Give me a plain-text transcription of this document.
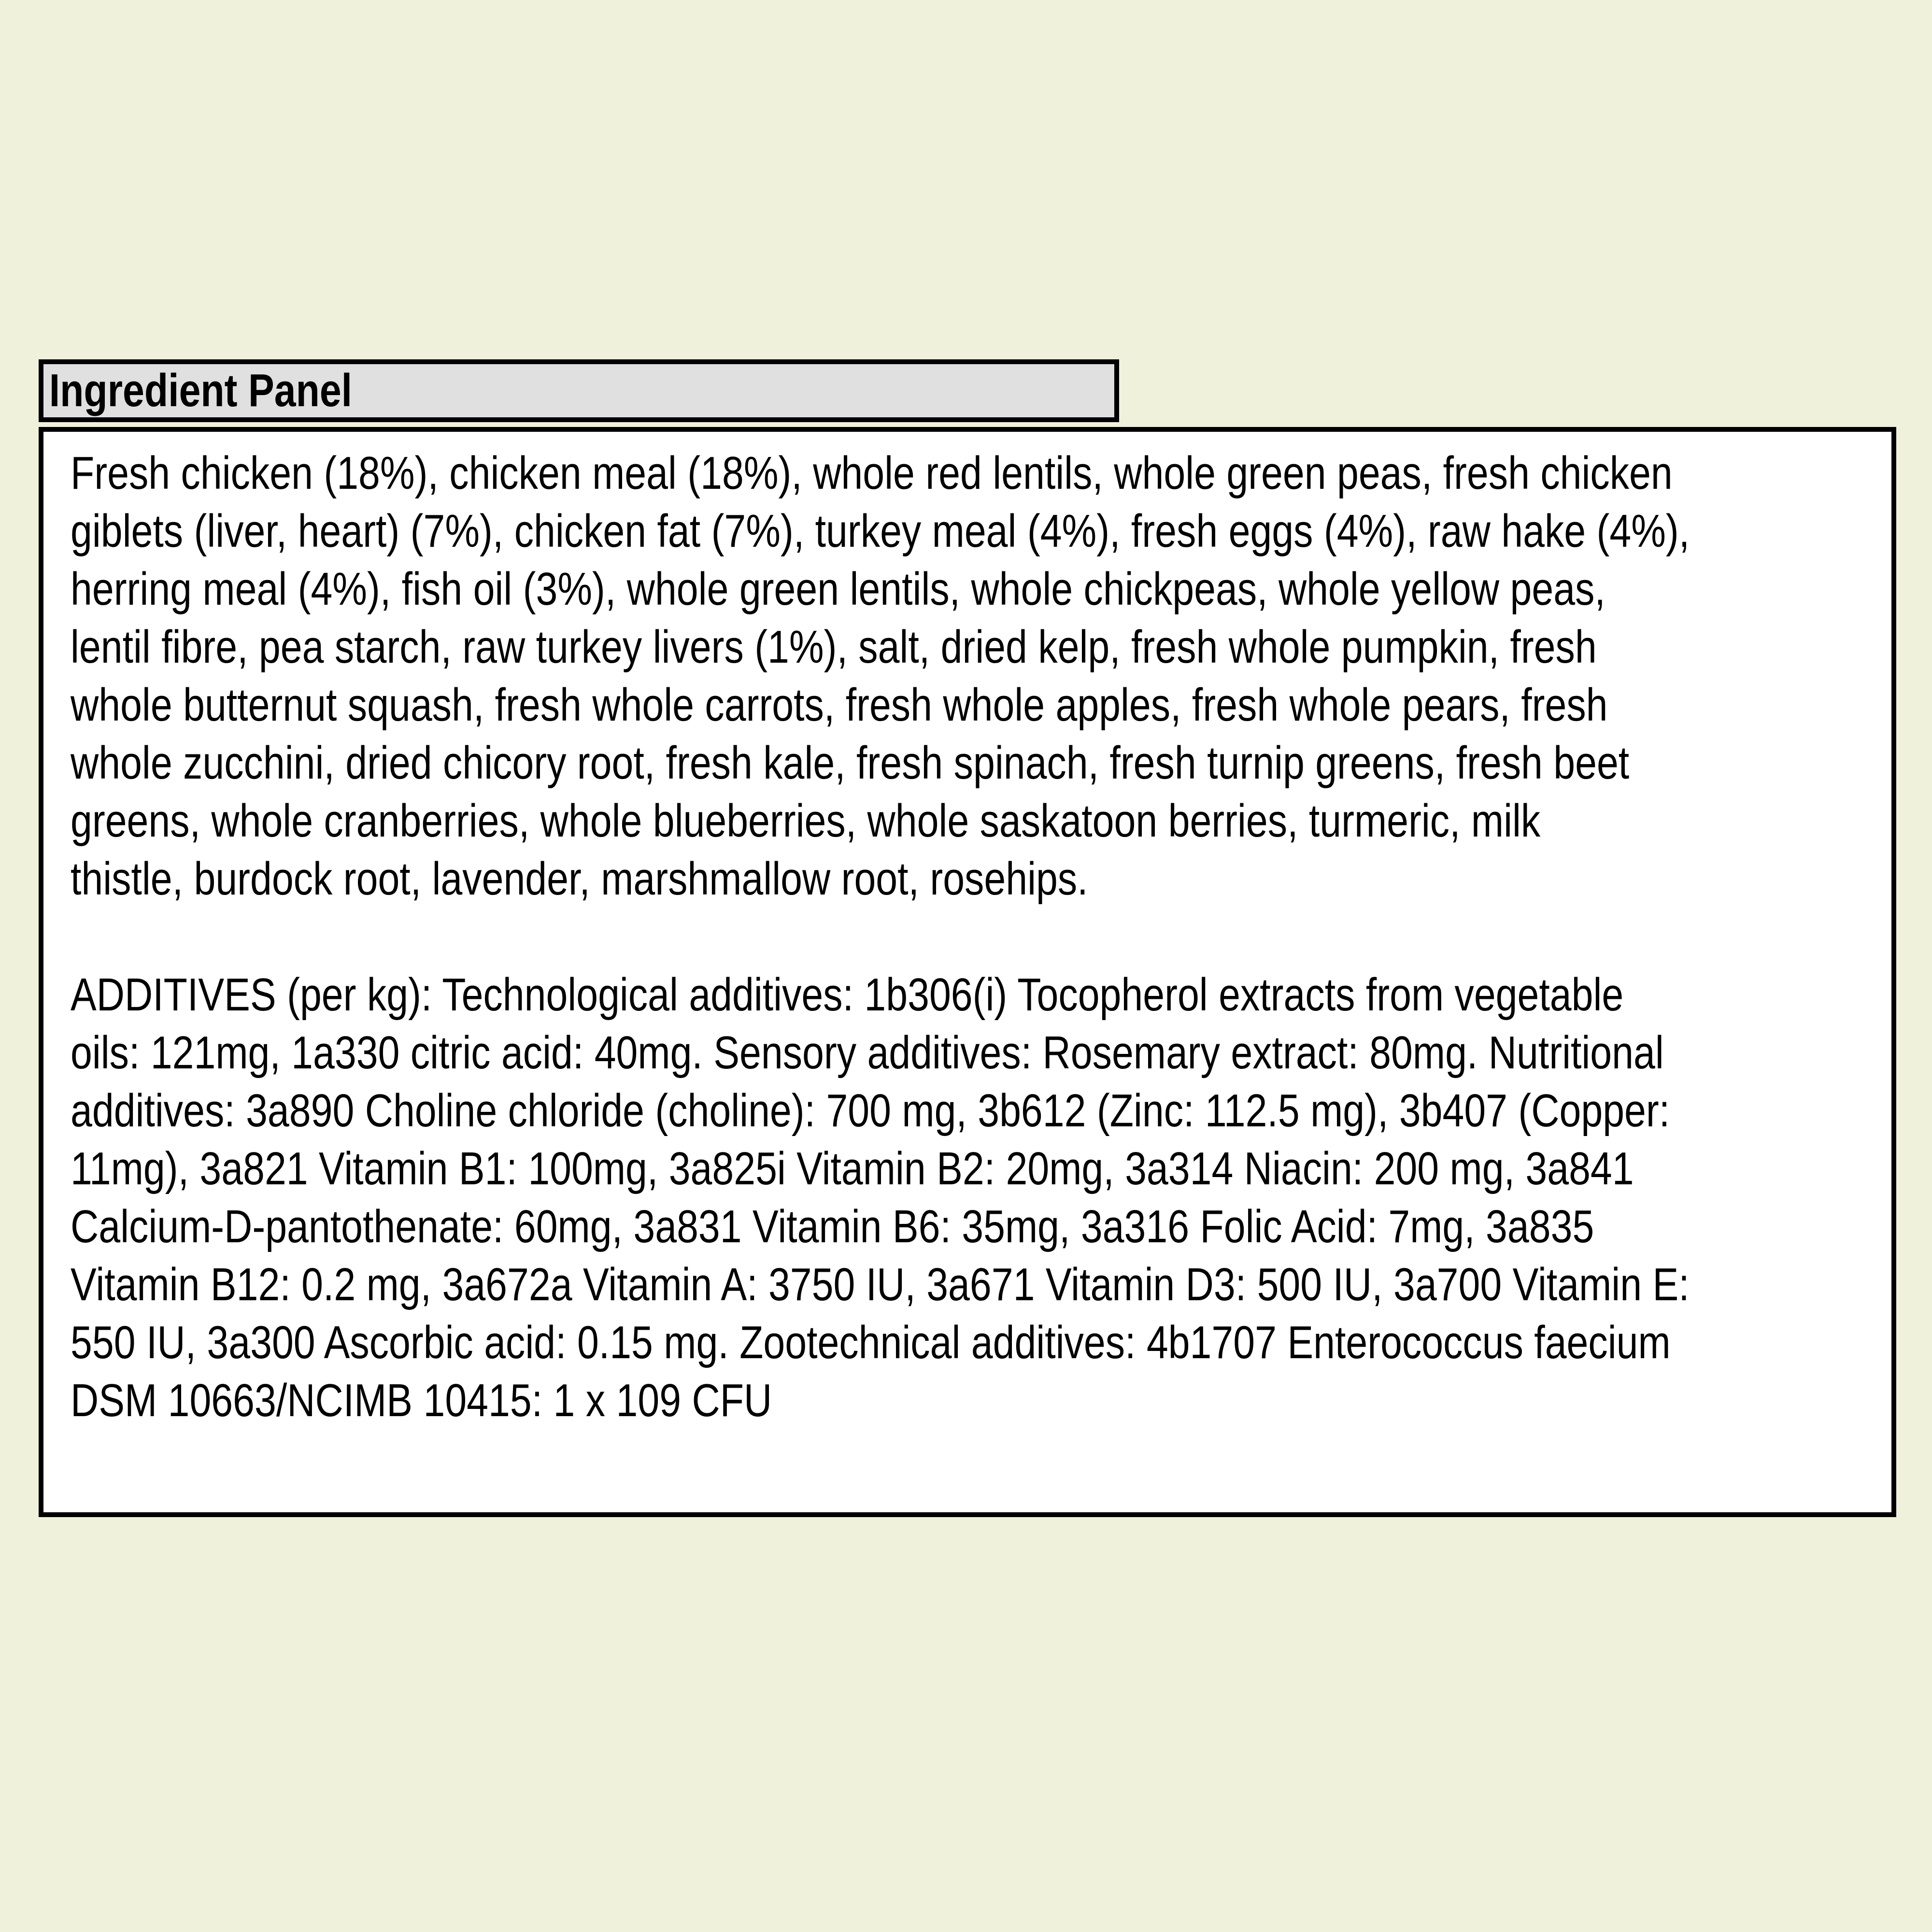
Ingredient Panel
Fresh chicken (18%), chicken meal (18%), whole red lentils, whole green peas, fresh chicken
giblets (liver, heart) (7%), chicken fat (7%), turkey meal (4%), fresh eggs (4%), raw hake (4%),
herring meal (4%), fish oil (3%), whole green lentils, whole chickpeas, whole yellow peas,
lentil fibre, pea starch, raw turkey livers (1%), salt, dried kelp, fresh whole pumpkin, fresh
whole butternut squash, fresh whole carrots, fresh whole apples, fresh whole pears, fresh
whole zucchini, dried chicory root, fresh kale, fresh spinach, fresh turnip greens, fresh beet
greens, whole cranberries, whole blueberries, whole saskatoon berries, turmeric, milk
thistle, burdock root, lavender, marshmallow root, rosehips.
ADDITIVES (per kg): Technological additives: 1b306(i) Tocopherol extracts from vegetable
oils: 121mg, 1a330 citric acid: 40mg. Sensory additives: Rosemary extract: 80mg. Nutritional
additives: 3a890 Choline chloride (choline): 700 mg, 3b612 (Zinc: 112.5 mg), 3b407 (Copper:
11mg), 3a821 Vitamin B1: 100mg, 3a825i Vitamin B2: 20mg, 3a314 Niacin: 200 mg, 3a841
Calcium-D-pantothenate: 60mg, 3a831 Vitamin B6: 35mg, 3a316 Folic Acid: 7mg, 3a835
Vitamin B12: 0.2 mg, 3a672a Vitamin A: 3750 IU, 3a671 Vitamin D3: 500 IU, 3a700 Vitamin E:
550 IU, 3a300 Ascorbic acid: 0.15 mg. Zootechnical additives: 4b1707 Enterococcus faecium
DSM 10663/NCIMB 10415: 1 x 109 CFU
